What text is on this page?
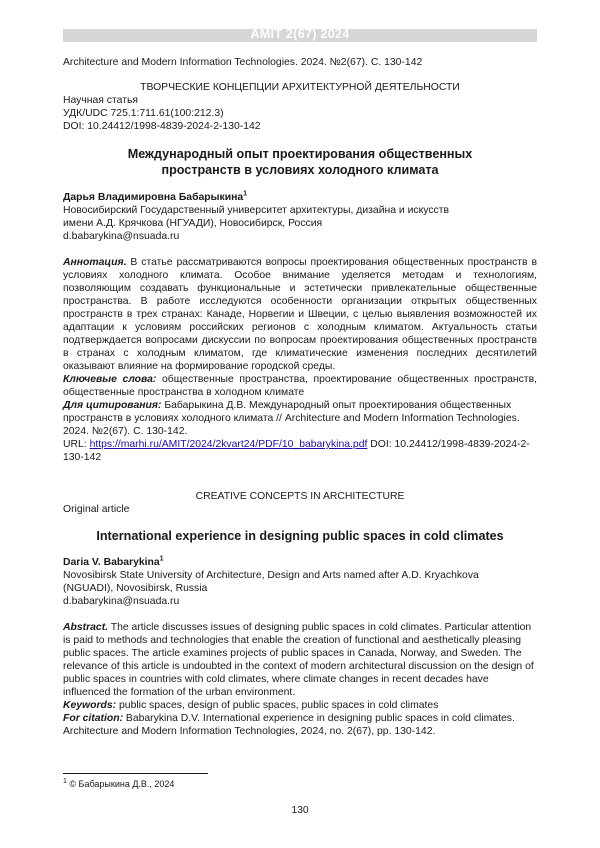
AMIT 2(67) 2024

Architecture and Modern Information Technologies. 2024. №2(67). С. 130-142

ТВОРЧЕСКИЕ КОНЦЕПЦИИ АРХИТЕКТУРНОЙ ДЕЯТЕЛЬНОСТИ

Научная статья

УДК/UDC 725.1:711.61(100:212.3)

DOI: 10.24412/1998-4839-2024-2-130-142

Международный опыт проектирования общественных
пространств в условиях холодного климата

Дарья Владимировна Бабарыкина$^1$

Новосибирский Государственный университет архитектуры, дизайна и искусств

имени А.Д. Крячкова (НГУАДИ), Новосибирск, Россия

d.babarykina@nsuada.ru

Аннотация. В статье рассматриваются вопросы проектирования общественных пространств в условиях холодного климата. Особое внимание уделяется методам и технологиям, позволяющим создавать функциональные и эстетически привлекательные общественные пространства. В работе исследуются особенности организации открытых общественных пространств в трех странах: Канаде, Норвегии и Швеции, с целью выявления возможностей их адаптации к условиям российских регионов с холодным климатом. Актуальность статьи подтверждается вопросами дискуссии по вопросам проектирования общественных пространств в странах с холодным климатом, где климатические изменения последних десятилетий оказывают влияние на формирование городской среды.

Ключевые слова: общественные пространства, проектирование общественных пространств, общественные пространства в холодном климате

Для цитирования: Бабарыкина Д.В. Международный опыт проектирования общественных пространств в условиях холодного климата // Architecture and Modern Information Technologies. 2024. №2(67). С. 130-142.

URL: https://marhi.ru/AMIT/2024/2kvart24/PDF/10_babarykina.pdf DOI: 10.24412/1998-4839-2024-2-130-142

CREATIVE CONCEPTS IN ARCHITECTURE

Original article

International experience in designing public spaces in cold climates

Daria V. Babarykina$^1$

Novosibirsk State University of Architecture, Design and Arts named after A.D. Kryachkova

(NGUADI), Novosibirsk, Russia

d.babarykina@nsuada.ru

Abstract. The article discusses issues of designing public spaces in cold climates. Particular attention is paid to methods and technologies that enable the creation of functional and aesthetically pleasing public spaces. The article examines projects of public spaces in Canada, Norway, and Sweden. The relevance of this article is undoubted in the context of modern architectural discussion on the design of public spaces in countries with cold climates, where climate changes in recent decades have influenced the formation of the urban environment.

Keywords: public spaces, design of public spaces, public spaces in cold climates

For citation: Babarykina D.V. International experience in designing public spaces in cold climates. Architecture and Modern Information Technologies, 2024, no. 2(67), pp. 130-142.

$^1$ © Бабарыкина Д.В., 2024
130
